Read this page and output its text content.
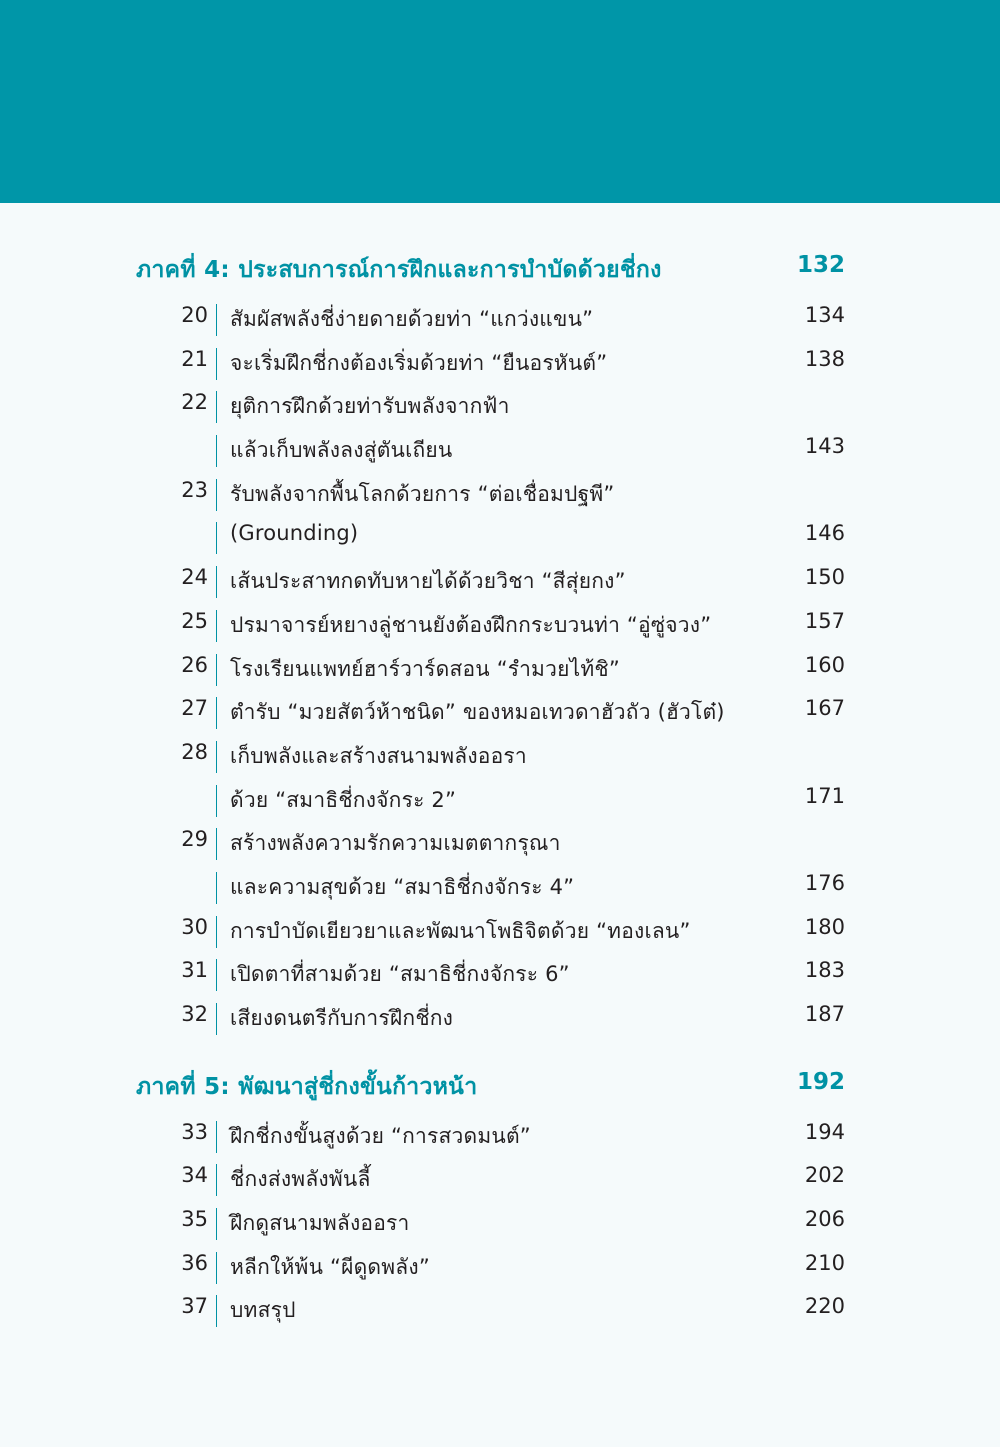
ภาคที่ 4: ประสบการณ์การฝึกและการบำบัดด้วยชี่กง	132
20 สัมผัสพลังชี่ง่ายดายด้วยท่า “แกว่งแขน”	134
21 จะเริ่มฝึกชี่กงต้องเริ่มด้วยท่า “ยืนอรหันต์”	138
22 ยุติการฝึกด้วยท่ารับพลังจากฟ้า
แล้วเก็บพลังลงสู่ตันเถียน	143
23 รับพลังจากพื้นโลกด้วยการ “ต่อเชื่อมปฐพี”
(Grounding)	146
24 เส้นประสาทกดทับหายได้ด้วยวิชา “สีสุ่ยกง”	150
25 ปรมาจารย์หยางลู่ชานยังต้องฝึกกระบวนท่า “อู่ซู่จวง”	157
26 โรงเรียนแพทย์ฮาร์วาร์ดสอน “รำมวยไท้ชิ”	160
27 ตำรับ “มวยสัตว์ห้าชนิด” ของหมอเทวดาฮัวถัว (ฮัวโต๋)	167
28 เก็บพลังและสร้างสนามพลังออรา
ด้วย “สมาธิชี่กงจักระ 2”	171
29 สร้างพลังความรักความเมตตากรุณา
และความสุขด้วย “สมาธิชี่กงจักระ 4”	176
30 การบำบัดเยียวยาและพัฒนาโพธิจิตด้วย “ทองเลน”	180
31 เปิดตาที่สามด้วย “สมาธิชี่กงจักระ 6”	183
32 เสียงดนตรีกับการฝึกชี่กง	187
ภาคที่ 5: พัฒนาสู่ชี่กงขั้นก้าวหน้า	192
33 ฝึกชี่กงขั้นสูงด้วย “การสวดมนต์”	194
34 ชี่กงส่งพลังพันลี้	202
35 ฝึกดูสนามพลังออรา	206
36 หลีกให้พ้น “ผีดูดพลัง”	210
37 บทสรุป	220
